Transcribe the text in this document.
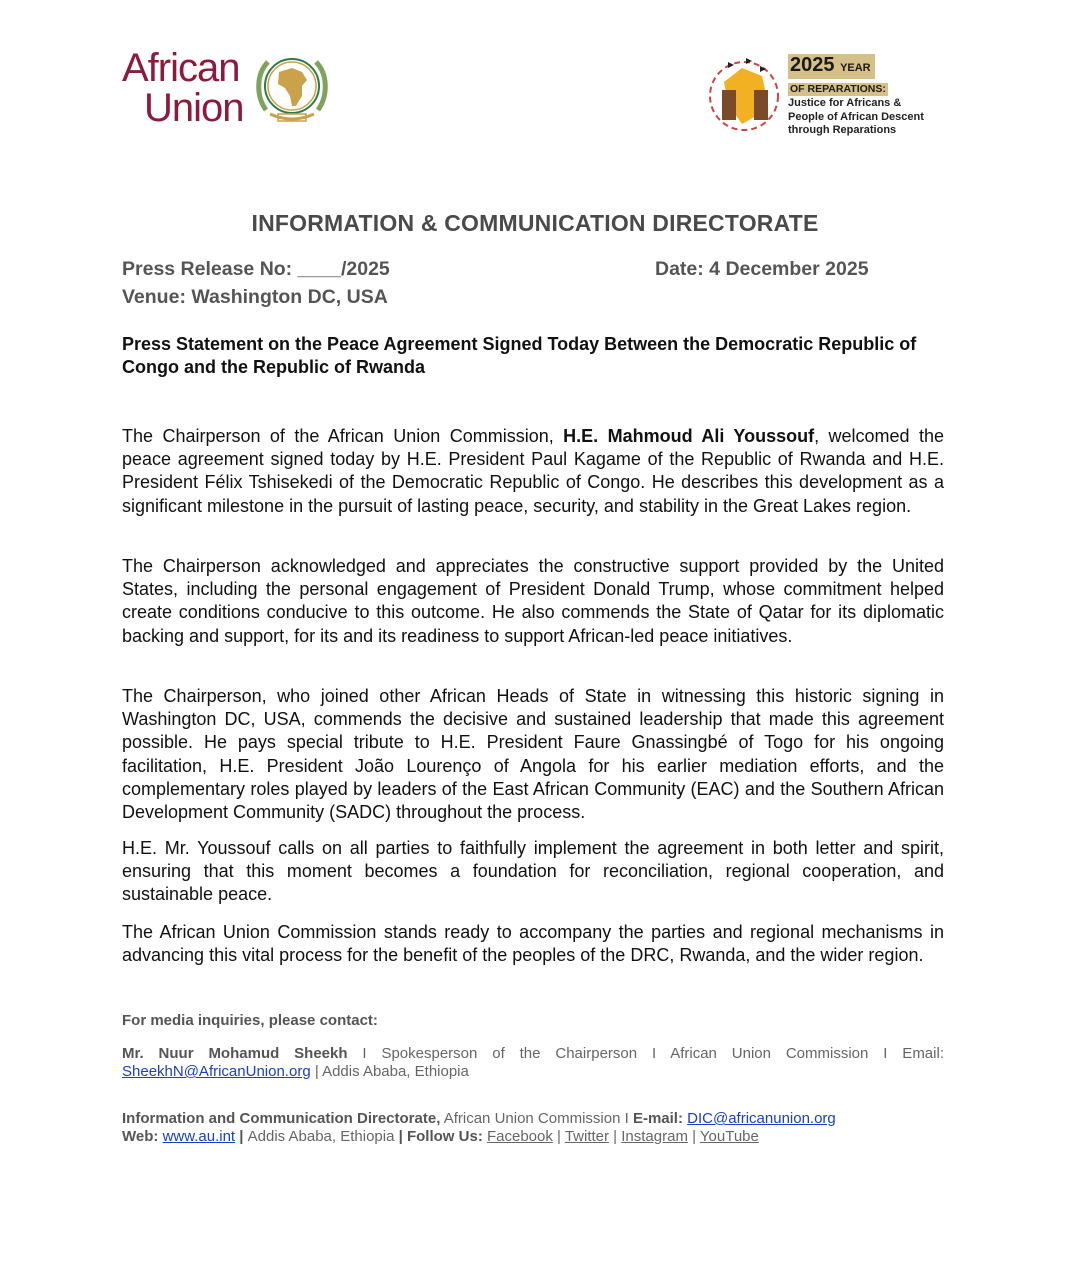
African
Union
2025 YEAR
OF REPARATIONS:
Justice for Africans &
People of African Descent
through Reparations
INFORMATION & COMMUNICATION DIRECTORATE
Press Release No: ____/2025
Venue: Washington DC, USA
Date: 4 December 2025
Press Statement on the Peace Agreement Signed Today Between the Democratic Republic of Congo and the Republic of Rwanda

The Chairperson of the African Union Commission, H.E. Mahmoud Ali Youssouf, welcomed the peace agreement signed today by H.E. President Paul Kagame of the Republic of Rwanda and H.E. President Félix Tshisekedi of the Democratic Republic of Congo. He describes this development as a significant milestone in the pursuit of lasting peace, security, and stability in the Great Lakes region.

The Chairperson acknowledged and appreciates the constructive support provided by the United States, including the personal engagement of President Donald Trump, whose commitment helped create conditions conducive to this outcome. He also commends the State of Qatar for its diplomatic backing and support, for its and its readiness to support African-led peace initiatives.

The Chairperson, who joined other African Heads of State in witnessing this historic signing in Washington DC, USA, commends the decisive and sustained leadership that made this agreement possible. He pays special tribute to H.E. President Faure Gnassingbé of Togo for his ongoing facilitation, H.E. President João Lourenço of Angola for his earlier mediation efforts, and the complementary roles played by leaders of the East African Community (EAC) and the Southern African Development Community (SADC) throughout the process.

H.E. Mr. Youssouf calls on all parties to faithfully implement the agreement in both letter and spirit, ensuring that this moment becomes a foundation for reconciliation, regional cooperation, and sustainable peace.

The African Union Commission stands ready to accompany the parties and regional mechanisms in advancing this vital process for the benefit of the peoples of the DRC, Rwanda, and the wider region.

For media inquiries, please contact:
Mr. Nuur Mohamud Sheekh I Spokesperson of the Chairperson I African Union Commission I Email: SheekhN@AfricanUnion.org | Addis Ababa, Ethiopia
Information and Communication Directorate, African Union Commission I E-mail: DIC@africanunion.org
Web: www.au.int | Addis Ababa, Ethiopia | Follow Us: Facebook | Twitter | Instagram | YouTube
